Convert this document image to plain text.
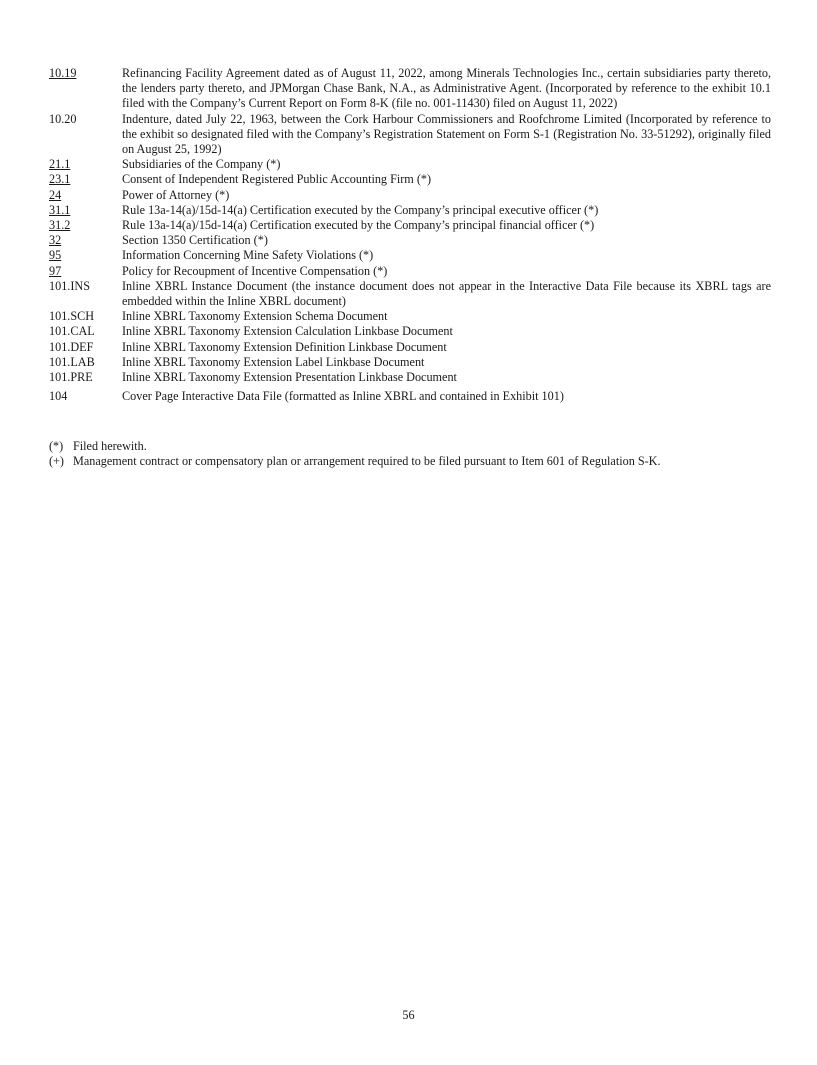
10.19	Refinancing Facility Agreement dated as of August 11, 2022, among Minerals Technologies Inc., certain subsidiaries party thereto, the lenders party thereto, and JPMorgan Chase Bank, N.A., as Administrative Agent. (Incorporated by reference to the exhibit 10.1 filed with the Company’s Current Report on Form 8-K (file no. 001-11430) filed on August 11, 2022)
10.20	Indenture, dated July 22, 1963, between the Cork Harbour Commissioners and Roofchrome Limited (Incorporated by reference to the exhibit so designated filed with the Company’s Registration Statement on Form S-1 (Registration No. 33-51292), originally filed on August 25, 1992)
21.1	Subsidiaries of the Company (*)
23.1	Consent of Independent Registered Public Accounting Firm (*)
24	Power of Attorney (*)
31.1	Rule 13a-14(a)/15d-14(a) Certification executed by the Company’s principal executive officer (*)
31.2	Rule 13a-14(a)/15d-14(a) Certification executed by the Company’s principal financial officer (*)
32	Section 1350 Certification (*)
95	Information Concerning Mine Safety Violations (*)
97	Policy for Recoupment of Incentive Compensation (*)
101.INS	Inline XBRL Instance Document (the instance document does not appear in the Interactive Data File because its XBRL tags are embedded within the Inline XBRL document)
101.SCH	Inline XBRL Taxonomy Extension Schema Document
101.CAL	Inline XBRL Taxonomy Extension Calculation Linkbase Document
101.DEF	Inline XBRL Taxonomy Extension Definition Linkbase Document
101.LAB	Inline XBRL Taxonomy Extension Label Linkbase Document
101.PRE	Inline XBRL Taxonomy Extension Presentation Linkbase Document
104	Cover Page Interactive Data File (formatted as Inline XBRL and contained in Exhibit 101)
(*) Filed herewith.
(+) Management contract or compensatory plan or arrangement required to be filed pursuant to Item 601 of Regulation S-K.
56
